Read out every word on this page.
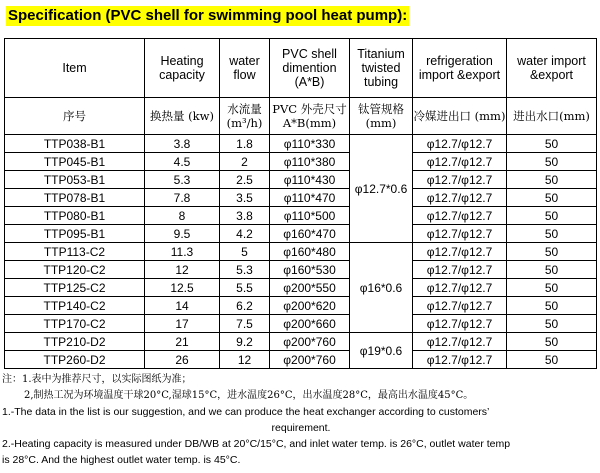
Specification (PVC shell for swimming pool heat pump):
Item	Heating capacity	water flow	PVC shell dimention (A*B)	Titanium twisted tubing	refrigeration import &export	water import &export
序号	换热量 (kw)	水流量 (m³/h)	PVC 外壳尺寸 A*B(mm)	钛管规格 (mm)	冷媒进出口 (mm)	进出水口(mm)
TTP038-B1	3.8	1.8	φ110*330	φ12.7*0.6	φ12.7/φ12.7	50
TTP045-B1	4.5	2	φ110*380		φ12.7/φ12.7	50
TTP053-B1	5.3	2.5	φ110*430		φ12.7/φ12.7	50
TTP078-B1	7.8	3.5	φ110*470		φ12.7/φ12.7	50
TTP080-B1	8	3.8	φ110*500		φ12.7/φ12.7	50
TTP095-B1	9.5	4.2	φ160*470		φ12.7/φ12.7	50
TTP113-C2	11.3	5	φ160*480	φ16*0.6	φ12.7/φ12.7	50
TTP120-C2	12	5.3	φ160*530		φ12.7/φ12.7	50
TTP125-C2	12.5	5.5	φ200*550		φ12.7/φ12.7	50
TTP140-C2	14	6.2	φ200*620		φ12.7/φ12.7	50
TTP170-C2	17	7.5	φ200*660		φ12.7/φ12.7	50
TTP210-D2	21	9.2	φ200*760	φ19*0.6	φ12.7/φ12.7	50
TTP260-D2	26	12	φ200*760		φ12.7/φ12.7	50
注：1.表中为推荐尺寸，以实际图纸为准；
2,制热工况为环境温度干球20°C,湿球15°C，进水温度26°C，出水温度28°C，最高出水温度45°C。
1.-The data in the list is our suggestion, and we can produce the heat exchanger according to customers’
requirement.
2.-Heating capacity is measured under DB/WB at 20°C/15°C, and inlet water temp. is 26°C, outlet water temp
is 28°C. And the highest outlet water temp. is 45°C.
